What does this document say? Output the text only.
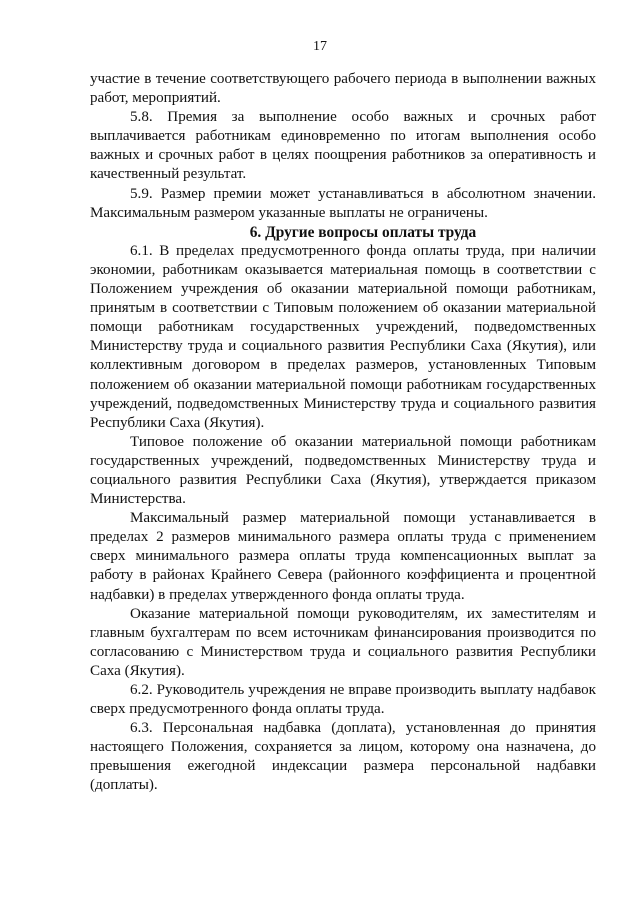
17

участие в течение соответствующего рабочего периода в выполнении важных работ, мероприятий.

5.8. Премия за выполнение особо важных и срочных работ выплачивается работникам единовременно по итогам выполнения особо важных и срочных работ в целях поощрения работников за оперативность и качественный результат.

5.9. Размер премии может устанавливаться в абсолютном значении. Максимальным размером указанные выплаты не ограничены.

6. Другие вопросы оплаты труда

6.1. В пределах предусмотренного фонда оплаты труда, при наличии экономии, работникам оказывается материальная помощь в соответствии с Положением учреждения об оказании материальной помощи работникам, принятым в соответствии с Типовым положением об оказании материальной помощи работникам государственных учреждений, подведомственных Министерству труда и социального развития Республики Саха (Якутия), или коллективным договором в пределах размеров, установленных Типовым положением об оказании материальной помощи работникам государственных учреждений, подведомственных Министерству труда и социального развития Республики Саха (Якутия).

Типовое положение об оказании материальной помощи работникам государственных учреждений, подведомственных Министерству труда и социального развития Республики Саха (Якутия), утверждается приказом Министерства.

Максимальный размер материальной помощи устанавливается в пределах 2 размеров минимального размера оплаты труда с применением сверх минимального размера оплаты труда компенсационных выплат за работу в районах Крайнего Севера (районного коэффициента и процентной надбавки) в пределах утвержденного фонда оплаты труда.

Оказание материальной помощи руководителям, их заместителям и главным бухгалтерам по всем источникам финансирования производится по согласованию с Министерством труда и социального развития Республики Саха (Якутия).

6.2. Руководитель учреждения не вправе производить выплату надбавок сверх предусмотренного фонда оплаты труда.

6.3. Персональная надбавка (доплата), установленная до принятия настоящего Положения, сохраняется за лицом, которому она назначена, до превышения ежегодной индексации размера персональной надбавки (доплаты).
